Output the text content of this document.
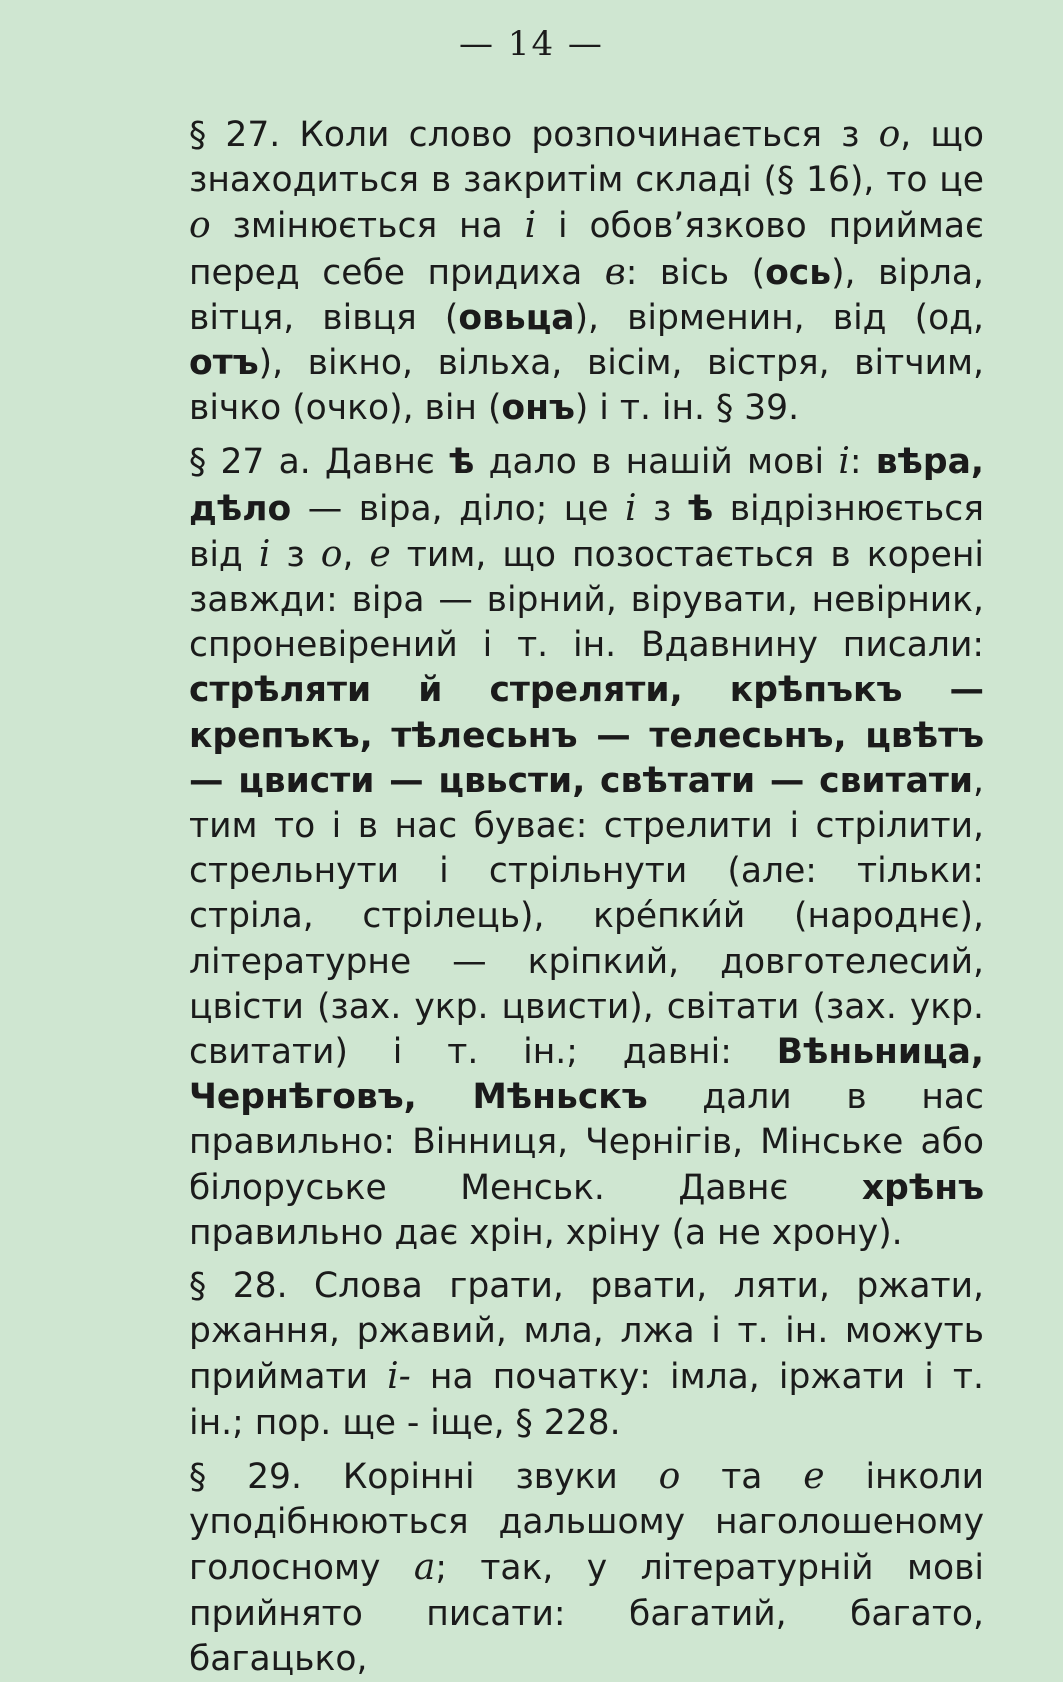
— 14 —

§ 27. Коли слово розпочинається з о, що знаходиться в закритім складі (§ 16), то це о змінюється на і і обов’язково приймає перед себе придиха в: вісь (ось), вірла, вітця, вівця (овьца), вірменин, від (од, отъ), вікно, вільха, вісім, вістря, вітчим, вічко (очко), він (онъ) і т. ін. § 39.

§ 27 а. Давнє ѣ дало в нашій мові і: вѣра, дѣло — віра, діло; це і з ѣ відрізнюється від і з о, е тим, що позостається в корені завжди: віра — вірний, вірувати, невірник, спроневірений і т. ін. Вдавнину писали: стрѣляти й стреляти, крѣпъкъ — крепъкъ, тѣлесьнъ — телесьнъ, цвѣтъ — цвисти — цвьсти, свѣтати — свитати, тим то і в нас буває: стрелити і стрілити, стрельнути і стрільнути (але: тільки: стріла, стрілець), кре́пки́й (народнє), літературне — кріпкий, довготелесий, цвісти (зах. укр. цвисти), світати (зах. укр. свитати) і т. ін.; давні: Вѣньница, Чернѣговъ, Мѣньскъ дали в нас правильно: Вінниця, Чернігів, Мінське або білоруське Менськ. Давнє хрѣнъ правильно дає хрін, хріну (а не хрону).

§ 28. Слова грати, рвати, ляти, ржати, ржання, ржавий, мла, лжа і т. ін. можуть приймати і- на початку: імла, іржати і т. ін.; пор. ще - іще, § 228.

§ 29. Корінні звуки о та е інколи уподібнюються дальшому наголошеному голосному а; так, у літературній мові прийнято писати: багатий, багато, багацько,
